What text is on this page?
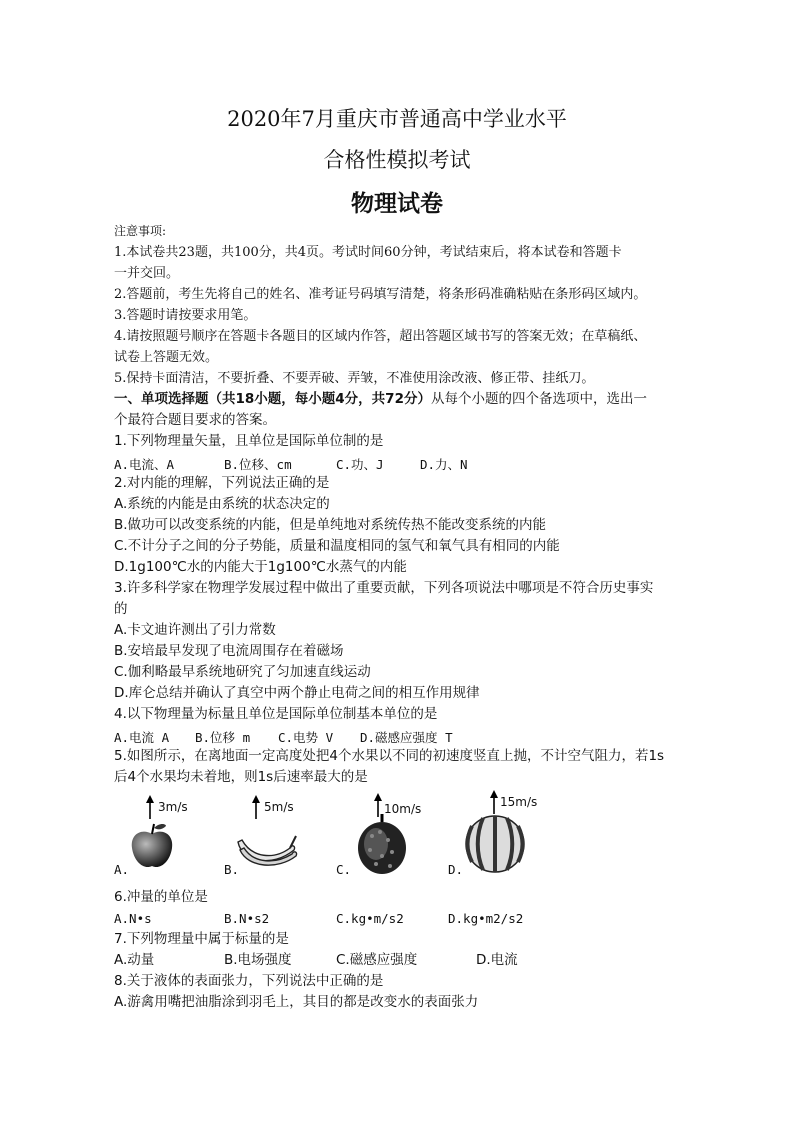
2020年7月重庆市普通高中学业水平
合格性模拟考试
物理试卷
注意事项:
1.本试卷共23题，共100分，共4页。考试时间60分钟，考试结束后，将本试卷和答题卡
一并交回。
2.答题前，考生先将自己的姓名、准考证号码填写清楚，将条形码准确粘贴在条形码区域内。
3.答题时请按要求用笔。
4.请按照题号顺序在答题卡各题目的区域内作答，超出答题区域书写的答案无效；在草稿纸、
试卷上答题无效。
5.保持卡面清洁，不要折叠、不要弄破、弄皱，不准使用涂改液、修正带、挂纸刀。
一、单项选择题（共18小题，每小题4分，共72分）从每个小题的四个备选项中，选出一
个最符合题目要求的答案。
1.下列物理量矢量，且单位是国际单位制的是
A.电流、A	B.位移、cm	C.功、J	D.力、N
2.对内能的理解，下列说法正确的是
A.系统的内能是由系统的状态决定的
B.做功可以改变系统的内能，但是单纯地对系统传热不能改变系统的内能
C.不计分子之间的分子势能，质量和温度相同的氢气和氧气具有相同的内能
D.1g100℃水的内能大于1g100℃水蒸气的内能
3.许多科学家在物理学发展过程中做出了重要贡献，下列各项说法中哪项是不符合历史事实
的
A.卡文迪许测出了引力常数
B.安培最早发现了电流周围存在着磁场
C.伽利略最早系统地研究了匀加速直线运动
D.库仑总结并确认了真空中两个静止电荷之间的相互作用规律
4.以下物理量为标量且单位是国际单位制基本单位的是
A.电流 A B.位移 m C.电势 V D.磁感应强度 T
5.如图所示，在离地面一定高度处把4个水果以不同的初速度竖直上抛，不计空气阻力，若1s
后4个水果均未着地，则1s后速率最大的是
3m/s
A.
5m/s
B.
10m/s
C.
15m/s
D.
6.冲量的单位是
A.N•s	B.N•s2	C.kg•m/s2	D.kg•m2/s2
7.下列物理量中属于标量的是
A.动量	B.电场强度	C.磁感应强度	D.电流
8.关于液体的表面张力，下列说法中正确的是
A.游禽用嘴把油脂涂到羽毛上，其目的都是改变水的表面张力
